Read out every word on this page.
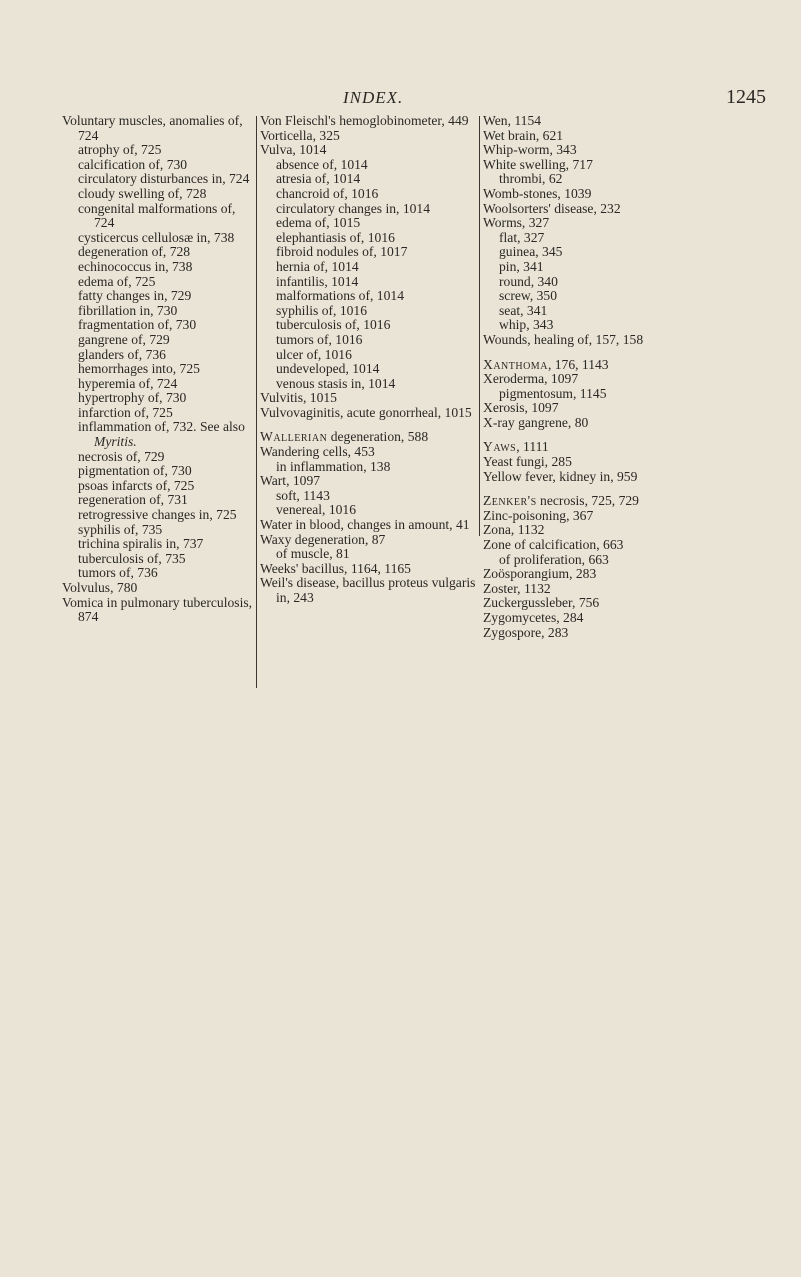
INDEX.	1245
Voluntary muscles, anomalies of, 724
atrophy of, 725
calcification of, 730
circulatory disturbances in, 724
cloudy swelling of, 728
congenital malformations of, 724
cysticercus cellulosæ in, 738
degeneration of, 728
echinococcus in, 738
edema of, 725
fatty changes in, 729
fibrillation in, 730
fragmentation of, 730
gangrene of, 729
glanders of, 736
hemorrhages into, 725
hyperemia of, 724
hypertrophy of, 730
infarction of, 725
inflammation of, 732. See also Myritis.
necrosis of, 729
pigmentation of, 730
psoas infarcts of, 725
regeneration of, 731
retrogressive changes in, 725
syphilis of, 735
trichina spiralis in, 737
tuberculosis of, 735
tumors of, 736
Volvulus, 780
Vomica in pulmonary tuberculosis, 874
Von Fleischl's hemoglobinometer, 449
Vorticella, 325
Vulva, 1014
absence of, 1014
atresia of, 1014
chancroid of, 1016
circulatory changes in, 1014
edema of, 1015
elephantiasis of, 1016
fibroid nodules of, 1017
hernia of, 1014
infantilis, 1014
malformations of, 1014
syphilis of, 1016
tuberculosis of, 1016
tumors of, 1016
ulcer of, 1016
undeveloped, 1014
venous stasis in, 1014
Vulvitis, 1015
Vulvovaginitis, acute gonorrheal, 1015
Wallerian degeneration, 588
Wandering cells, 453
in inflammation, 138
Wart, 1097
soft, 1143
venereal, 1016
Water in blood, changes in amount, 41
Waxy degeneration, 87
of muscle, 81
Weeks' bacillus, 1164, 1165
Weil's disease, bacillus proteus vulgaris in, 243
Wen, 1154
Wet brain, 621
Whip-worm, 343
White swelling, 717
thrombi, 62
Womb-stones, 1039
Woolsorters' disease, 232
Worms, 327
flat, 327
guinea, 345
pin, 341
round, 340
screw, 350
seat, 341
whip, 343
Wounds, healing of, 157, 158
Xanthoma, 176, 1143
Xeroderma, 1097
pigmentosum, 1145
Xerosis, 1097
X-ray gangrene, 80
Yaws, 1111
Yeast fungi, 285
Yellow fever, kidney in, 959
Zenker's necrosis, 725, 729
Zinc-poisoning, 367
Zona, 1132
Zone of calcification, 663
of proliferation, 663
Zoösporangium, 283
Zoster, 1132
Zuckergussleber, 756
Zygomycetes, 284
Zygospore, 283
